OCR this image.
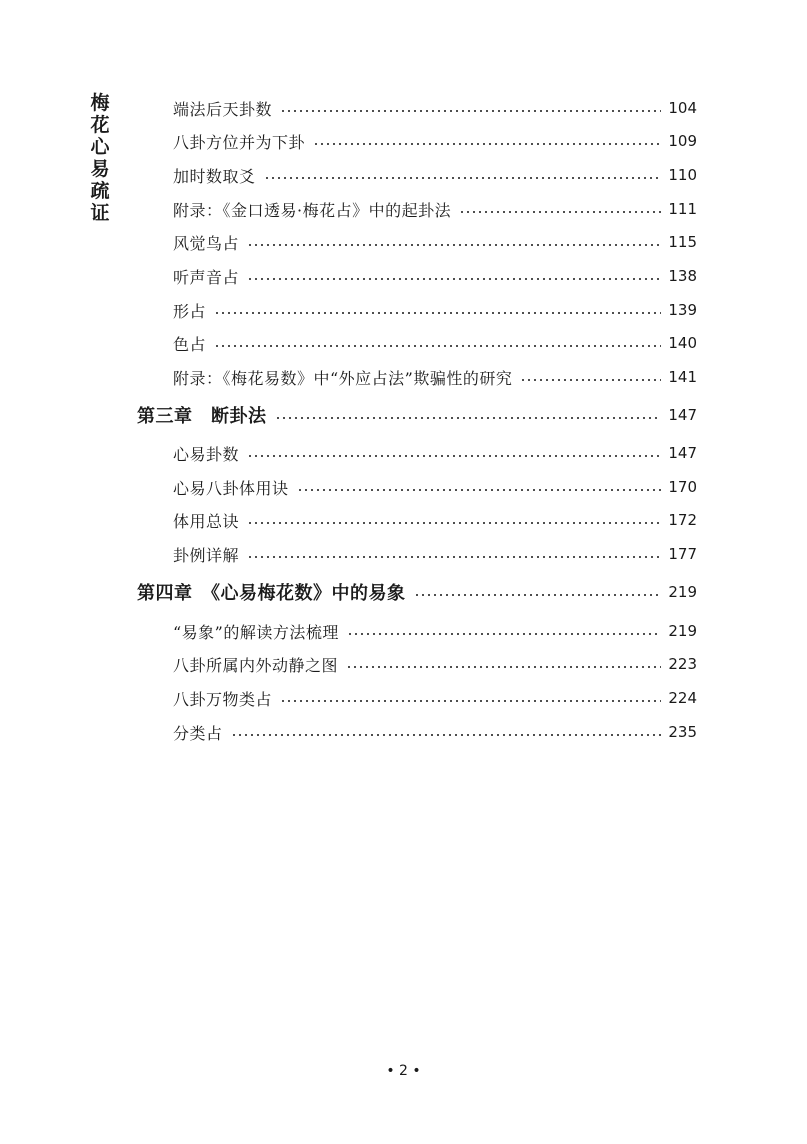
梅
花
心
易
疏
证
端法后天卦数	104
八卦方位并为下卦	109
加时数取爻	110
附录：《金口透易·梅花占》中的起卦法	111
风觉鸟占	115
听声音占	138
形占	139
色占	140
附录：《梅花易数》中“外应占法”欺骗性的研究	141
第三章　断卦法	147
心易卦数	147
心易八卦体用诀	170
体用总诀	172
卦例详解	177
第四章　《心易梅花数》中的易象	219
“易象”的解读方法梳理	219
八卦所属内外动静之图	223
八卦万物类占	224
分类占	235
• 2 •
